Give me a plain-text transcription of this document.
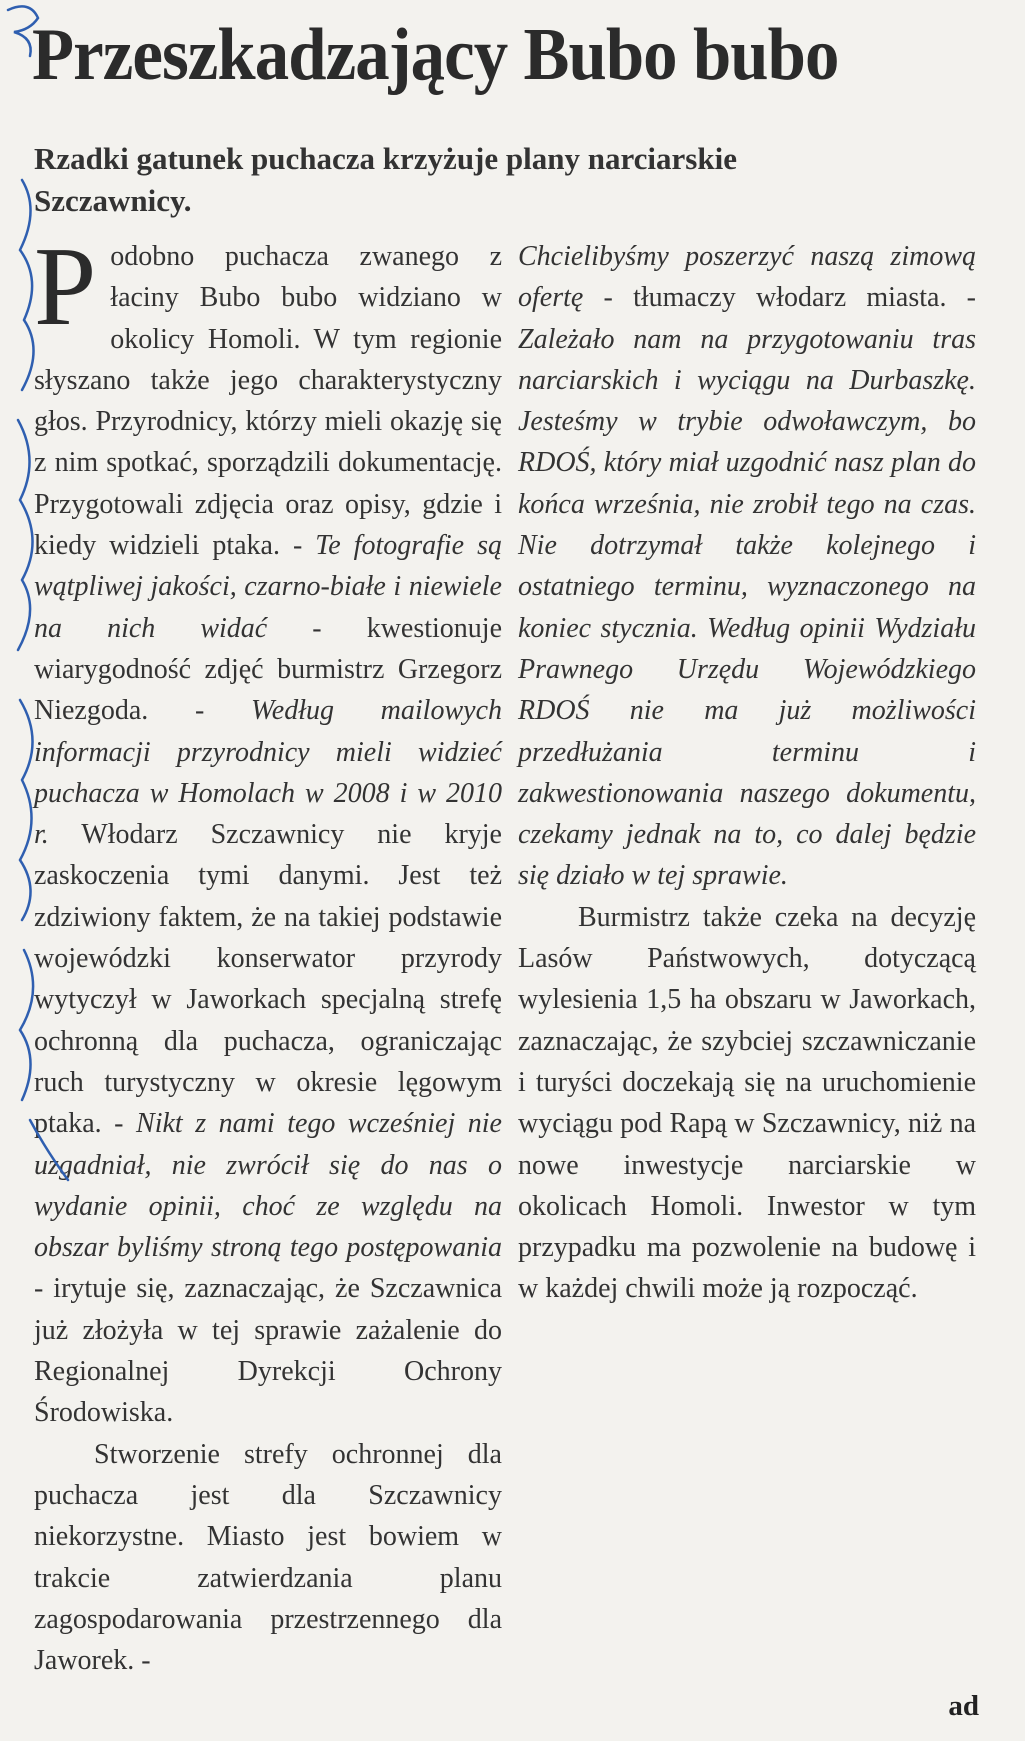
Przeszkadzający Bubo bubo

Rzadki gatunek puchacza krzyżuje plany narciarskie Szczawnicy.

Podobno puchacza zwanego z łaciny Bubo bubo widziano w okolicy Homoli. W tym regionie słyszano także jego charakterystyczny głos. Przyrodnicy, którzy mieli okazję się z nim spotkać, sporządzili dokumentację. Przygotowali zdjęcia oraz opisy, gdzie i kiedy widzieli ptaka. - Te fotografie są wątpliwej jakości, czarno-białe i niewiele na nich widać - kwestionuje wiarygodność zdjęć burmistrz Grzegorz Niezgoda. - Według mailowych informacji przyrodnicy mieli widzieć puchacza w Homolach w 2008 i w 2010 r. Włodarz Szczawnicy nie kryje zaskoczenia tymi danymi. Jest też zdziwiony faktem, że na takiej podstawie wojewódzki konserwator przyrody wytyczył w Jaworkach specjalną strefę ochronną dla puchacza, ograniczając ruch turystyczny w okresie lęgowym ptaka. - Nikt z nami tego wcześniej nie uzgadniał, nie zwrócił się do nas o wydanie opinii, choć ze względu na obszar byliśmy stroną tego postępowania - irytuje się, zaznaczając, że Szczawnica już złożyła w tej sprawie zażalenie do Regionalnej Dyrekcji Ochrony Środowiska.

Stworzenie strefy ochronnej dla puchacza jest dla Szczawnicy niekorzystne. Miasto jest bowiem w trakcie zatwierdzania planu zagospodarowania przestrzennego dla Jaworek. -

Chcielibyśmy poszerzyć naszą zimową ofertę - tłumaczy włodarz miasta. - Zależało nam na przygotowaniu tras narciarskich i wyciągu na Durbaszkę. Jesteśmy w trybie odwoławczym, bo RDOŚ, który miał uzgodnić nasz plan do końca września, nie zrobił tego na czas. Nie dotrzymał także kolejnego i ostatniego terminu, wyznaczonego na koniec stycznia. Według opinii Wydziału Prawnego Urzędu Wojewódzkiego RDOŚ nie ma już możliwości przedłużania terminu i zakwestionowania naszego dokumentu, czekamy jednak na to, co dalej będzie się działo w tej sprawie.

Burmistrz także czeka na decyzję Lasów Państwowych, dotyczącą wylesienia 1,5 ha obszaru w Jaworkach, zaznaczając, że szybciej szczawniczanie i turyści doczekają się na uruchomienie wyciągu pod Rapą w Szczawnicy, niż na nowe inwestycje narciarskie w okolicach Homoli. Inwestor w tym przypadku ma pozwolenie na budowę i w każdej chwili może ją rozpocząć.

ad
